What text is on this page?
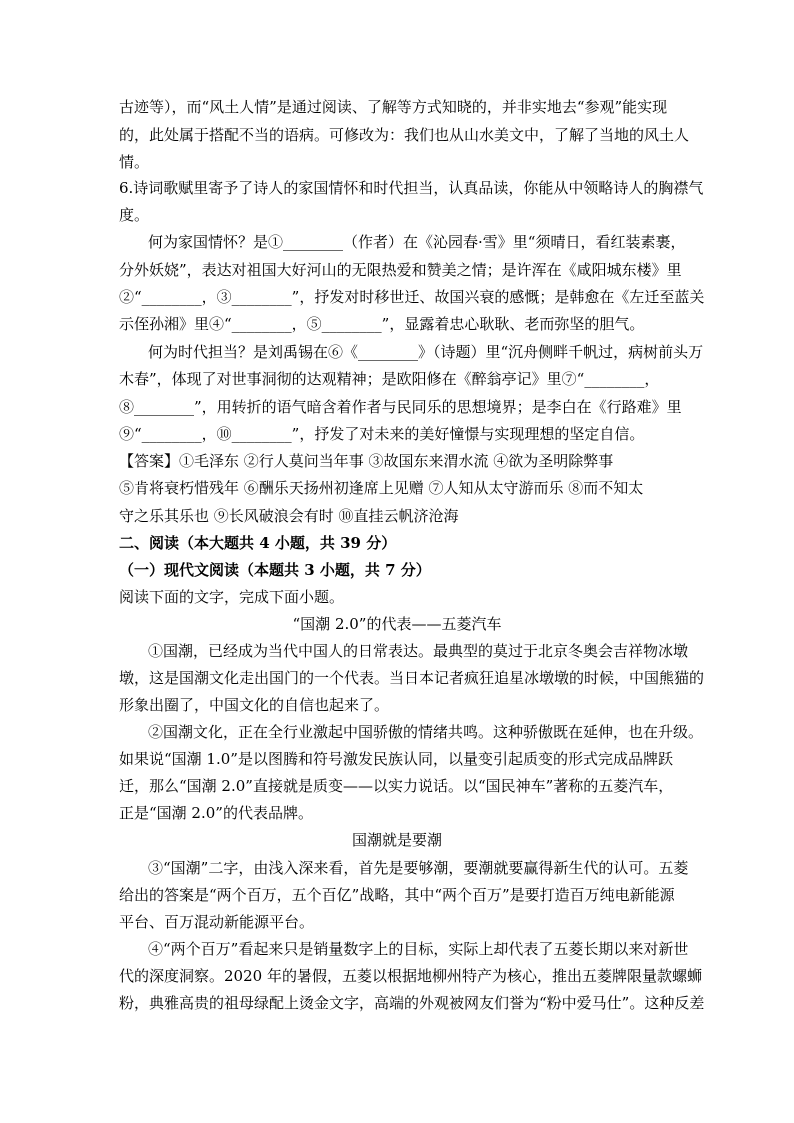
古迹等），而“风土人情”是通过阅读、了解等方式知晓的，并非实地去“参观”能实现
的，此处属于搭配不当的语病。可修改为：我们也从山水美文中，了解了当地的风土人
情。
6.诗词歌赋里寄予了诗人的家国情怀和时代担当，认真品读，你能从中领略诗人的胸襟气
度。
何为家国情怀？是①________（作者）在《沁园春·雪》里“须晴日，看红装素裹，
分外妖娆”，表达对祖国大好河山的无限热爱和赞美之情；是许浑在《咸阳城东楼》里
②“________，③________”，抒发对时移世迁、故国兴衰的感慨；是韩愈在《左迁至蓝关
示侄孙湘》里④“________，⑤________”，显露着忠心耿耿、老而弥坚的胆气。
何为时代担当？是刘禹锡在⑥《________》（诗题）里“沉舟侧畔千帆过，病树前头万
木春”，体现了对世事洞彻的达观精神；是欧阳修在《醉翁亭记》里⑦“________，
⑧________”，用转折的语气暗含着作者与民同乐的思想境界；是李白在《行路难》里
⑨“________，⑩________”，抒发了对未来的美好憧憬与实现理想的坚定自信。
【答案】①毛泽东 ②行人莫问当年事 ③故国东来渭水流 ④欲为圣明除弊事
⑤肯将衰朽惜残年 ⑥酬乐天扬州初逢席上见赠 ⑦人知从太守游而乐 ⑧而不知太
守之乐其乐也 ⑨长风破浪会有时 ⑩直挂云帆济沧海
二、阅读（本大题共 4 小题，共 39 分）
（一）现代文阅读（本题共 3 小题，共 7 分）
阅读下面的文字，完成下面小题。
“国潮 2.0”的代表——五菱汽车
①国潮，已经成为当代中国人的日常表达。最典型的莫过于北京冬奥会吉祥物冰墩
墩，这是国潮文化走出国门的一个代表。当日本记者疯狂追星冰墩墩的时候，中国熊猫的
形象出圈了，中国文化的自信也起来了。
②国潮文化，正在全行业激起中国骄傲的情绪共鸣。这种骄傲既在延伸，也在升级。
如果说“国潮 1.0”是以图腾和符号激发民族认同，以量变引起质变的形式完成品牌跃
迁，那么“国潮 2.0”直接就是质变——以实力说话。以“国民神车”著称的五菱汽车，
正是“国潮 2.0”的代表品牌。
国潮就是要潮
③“国潮”二字，由浅入深来看，首先是要够潮，要潮就要赢得新生代的认可。五菱
给出的答案是“两个百万，五个百亿”战略，其中“两个百万”是要打造百万纯电新能源
平台、百万混动新能源平台。
④“两个百万”看起来只是销量数字上的目标，实际上却代表了五菱长期以来对新世
代的深度洞察。2020 年的暑假，五菱以根据地柳州特产为核心，推出五菱牌限量款螺蛳
粉，典雅高贵的祖母绿配上烫金文字，高端的外观被网友们誉为“粉中爱马仕”。这种反差
